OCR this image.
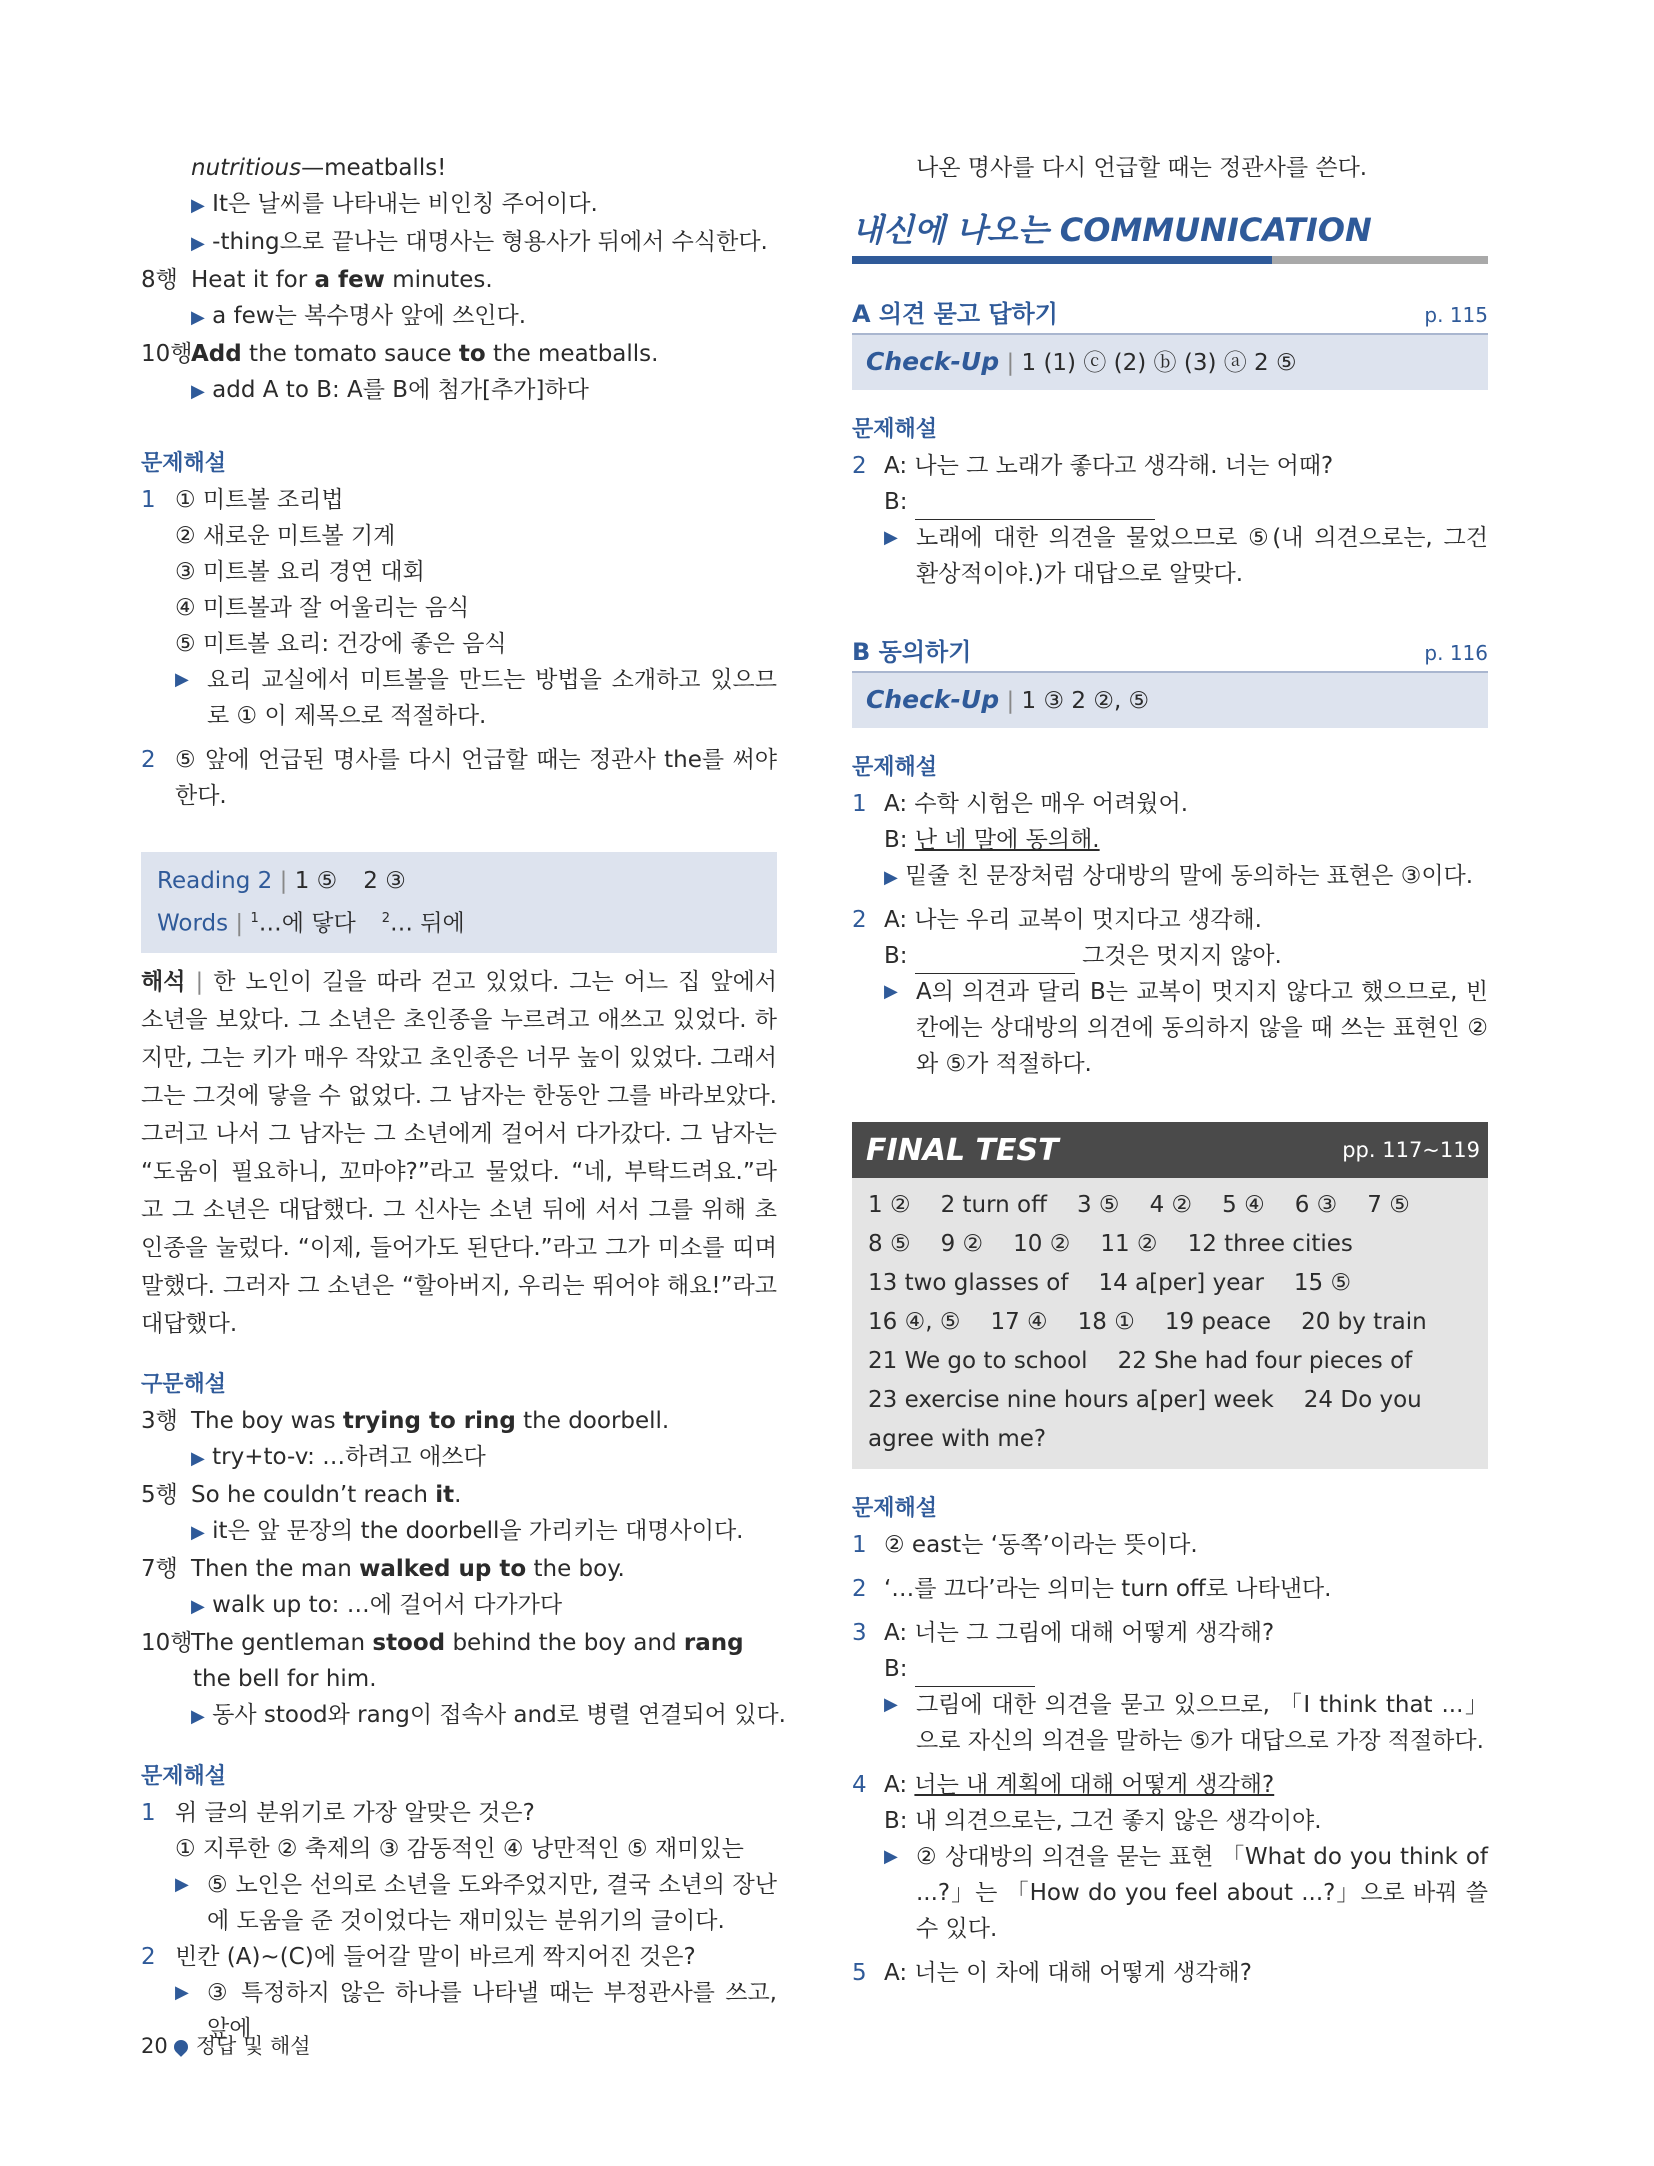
nutritious—meatballs!
▶ It은 날씨를 나타내는 비인칭 주어이다.
▶ -thing으로 끝나는 대명사는 형용사가 뒤에서 수식한다.
8행 Heat it for a few minutes.
▶ a few는 복수명사 앞에 쓰인다.
10행Add the tomato sauce to the meatballs.
▶ add A to B: A를 B에 첨가[추가]하다
문제해설
1 ① 미트볼 조리법
② 새로운 미트볼 기계
③ 미트볼 요리 경연 대회
④ 미트볼과 잘 어울리는 음식
⑤ 미트볼 요리: 건강에 좋은 음식
▶ 요리 교실에서 미트볼을 만드는 방법을 소개하고 있으므로 ① 이 제목으로 적절하다.
2 ⑤ 앞에 언급된 명사를 다시 언급할 때는 정관사 the를 써야 한다.
Reading 2 | 1 ⑤ 2 ③
Words | $^1$…에 닿다 $^2$… 뒤에
해석 | 한 노인이 길을 따라 걷고 있었다. 그는 어느 집 앞에서 소년을 보았다. 그 소년은 초인종을 누르려고 애쓰고 있었다. 하지만, 그는 키가 매우 작았고 초인종은 너무 높이 있었다. 그래서 그는 그것에 닿을 수 없었다. 그 남자는 한동안 그를 바라보았다. 그러고 나서 그 남자는 그 소년에게 걸어서 다가갔다. 그 남자는 “도움이 필요하니, 꼬마야?”라고 물었다. “네, 부탁드려요.”라고 그 소년은 대답했다. 그 신사는 소년 뒤에 서서 그를 위해 초인종을 눌렀다. “이제, 들어가도 된단다.”라고 그가 미소를 띠며 말했다. 그러자 그 소년은 “할아버지, 우리는 뛰어야 해요!”라고 대답했다.
구문해설
3행 The boy was trying to ring the doorbell.
▶ try+to-v: …하려고 애쓰다
5행 So he couldn’t reach it.
▶ it은 앞 문장의 the doorbell을 가리키는 대명사이다.
7행 Then the man walked up to the boy.
▶ walk up to: …에 걸어서 다가가다
10행The gentleman stood behind the boy and rang
the bell for him.
▶ 동사 stood와 rang이 접속사 and로 병렬 연결되어 있다.
문제해설
1 위 글의 분위기로 가장 알맞은 것은?
① 지루한 ② 축제의 ③ 감동적인 ④ 낭만적인 ⑤ 재미있는
▶ ⑤ 노인은 선의로 소년을 도와주었지만, 결국 소년의 장난에 도움을 준 것이었다는 재미있는 분위기의 글이다.
2 빈칸 (A)~(C)에 들어갈 말이 바르게 짝지어진 것은?
▶ ③ 특정하지 않은 하나를 나타낼 때는 부정관사를 쓰고, 앞에
나온 명사를 다시 언급할 때는 정관사를 쓴다.
내신에 나오는 COMMUNICATION
A 의견 묻고 답하기	p. 115
Check-Up | 1 (1) ⓒ (2) ⓑ (3) ⓐ 2 ⑤
문제해설
2 A: 나는 그 노래가 좋다고 생각해. 너는 어때?
B:
▶ 노래에 대한 의견을 물었으므로 ⑤(내 의견으로는, 그건 환상적이야.)가 대답으로 알맞다.
B 동의하기	p. 116
Check-Up | 1 ③ 2 ②, ⑤
문제해설
1 A: 수학 시험은 매우 어려웠어.
B: 난 네 말에 동의해.
▶ 밑줄 친 문장처럼 상대방의 말에 동의하는 표현은 ③이다.
2 A: 나는 우리 교복이 멋지다고 생각해.
B:	그것은 멋지지 않아.
▶ A의 의견과 달리 B는 교복이 멋지지 않다고 했으므로, 빈칸에는 상대방의 의견에 동의하지 않을 때 쓰는 표현인 ②와 ⑤가 적절하다.
FINAL TEST	pp. 117~119
1 ② 2 turn off 3 ⑤ 4 ② 5 ④ 6 ③ 7 ⑤
8 ⑤ 9 ② 10 ② 11 ② 12 three cities
13 two glasses of 14 a[per] year 15 ⑤
16 ④, ⑤ 17 ④ 18 ① 19 peace 20 by train
21 We go to school 22 She had four pieces of
23 exercise nine hours a[per] week 24 Do you
agree with me?
문제해설
1 ② east는 ‘동쪽’이라는 뜻이다.
2 ‘…를 끄다’라는 의미는 turn off로 나타낸다.
3 A: 너는 그 그림에 대해 어떻게 생각해?
B:
▶ 그림에 대한 의견을 묻고 있으므로, 「I think that ...」으로 자신의 의견을 말하는 ⑤가 대답으로 가장 적절하다.
4 A: 너는 내 계획에 대해 어떻게 생각해?
B: 내 의견으로는, 그건 좋지 않은 생각이야.
▶ ② 상대방의 의견을 묻는 표현 「What do you think of ...?」는 「How do you feel about ...?」으로 바꿔 쓸 수 있다.
5 A: 너는 이 차에 대해 어떻게 생각해?
20 정답 및 해설
